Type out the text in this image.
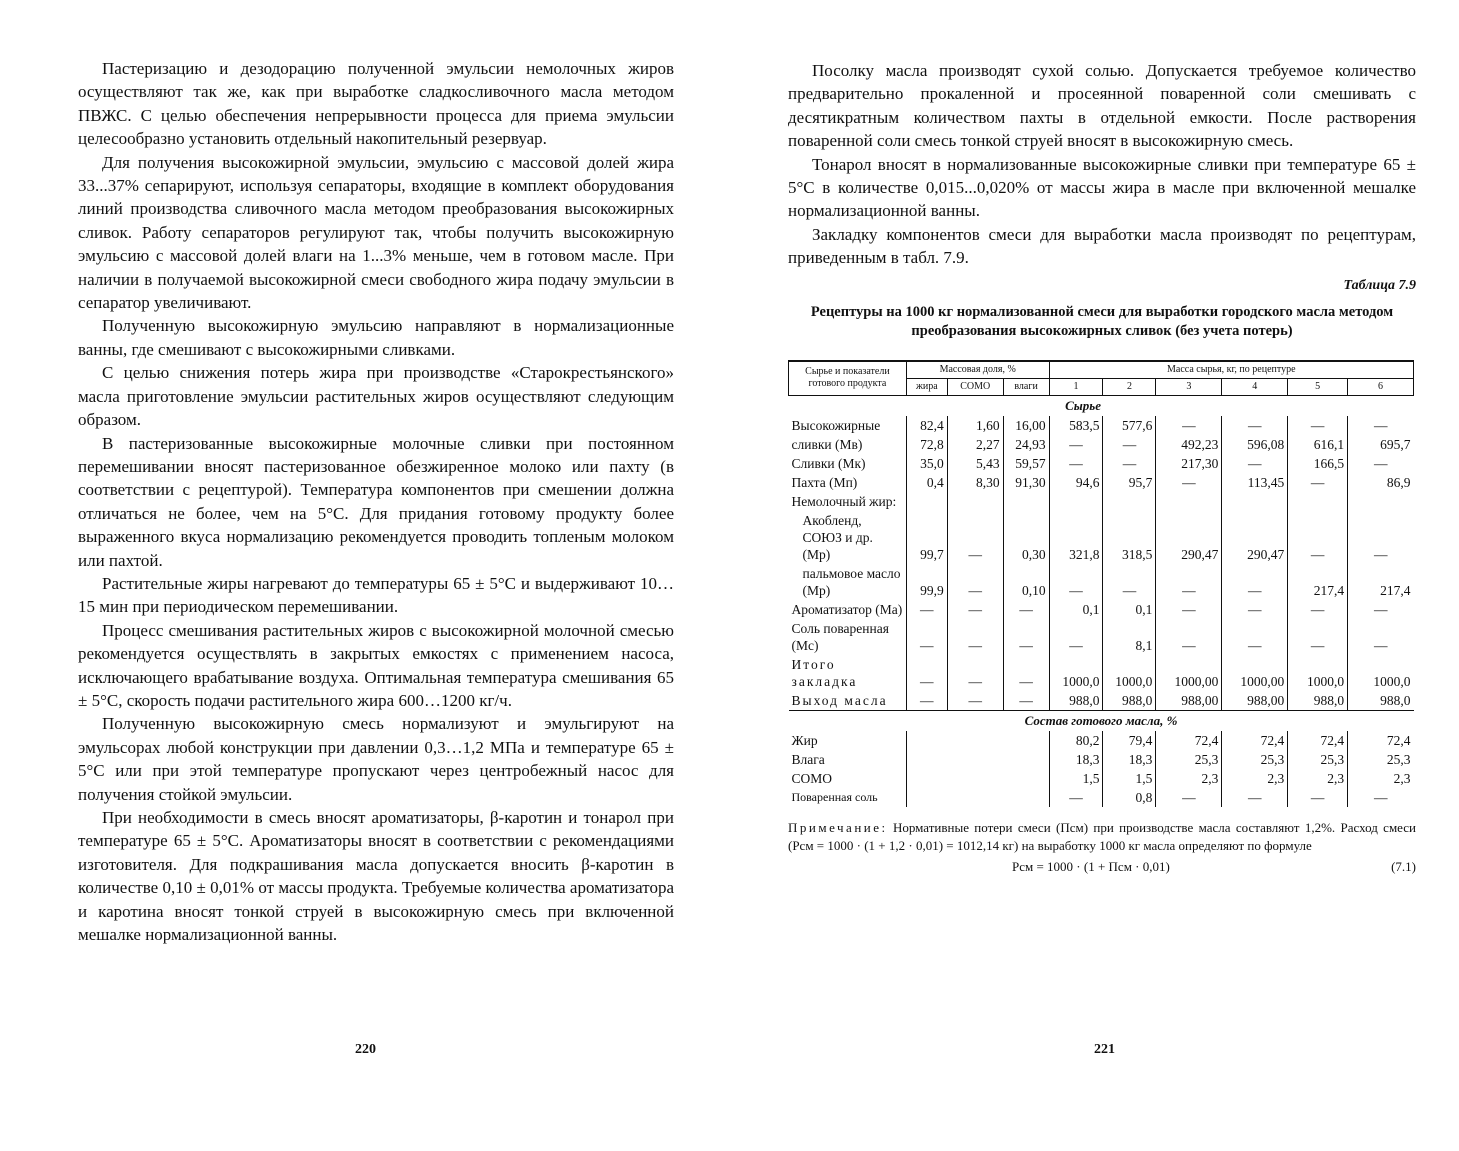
Пастеризацию и дезодорацию полученной эмульсии немолочных жиров осуществляют так же, как при выработке сладкосливочного масла методом ПВЖС. С целью обеспечения непрерывности процесса для приема эмульсии целесообразно установить отдельный накопительный резервуар.

Для получения высокожирной эмульсии, эмульсию с массовой долей жира 33...37% сепарируют, используя сепараторы, входящие в комплект оборудования линий производства сливочного масла методом преобразования высокожирных сливок. Работу сепараторов регулируют так, чтобы получить высокожирную эмульсию с массовой долей влаги на 1...3% меньше, чем в готовом масле. При наличии в получаемой высокожирной смеси свободного жира подачу эмульсии в сепаратор увеличивают.

Полученную высокожирную эмульсию направляют в нормализационные ванны, где смешивают с высокожирными сливками.

С целью снижения потерь жира при производстве «Старокрестьянского» масла приготовление эмульсии растительных жиров осуществляют следующим образом.

В пастеризованные высокожирные молочные сливки при постоянном перемешивании вносят пастеризованное обезжиренное молоко или пахту (в соответствии с рецептурой). Температура компонентов при смешении должна отличаться не более, чем на 5°С. Для придания готовому продукту более выраженного вкуса нормализацию рекомендуется проводить топленым молоком или пахтой.

Растительные жиры нагревают до температуры 65 ± 5°С и выдерживают 10…15 мин при периодическом перемешивании.

Процесс смешивания растительных жиров с высокожирной молочной смесью рекомендуется осуществлять в закрытых емкостях с применением насоса, исключающего врабатывание воздуха. Оптимальная температура смешивания 65 ± 5°С, скорость подачи растительного жира 600…1200 кг/ч.

Полученную высокожирную смесь нормализуют и эмульгируют на эмульсорах любой конструкции при давлении 0,3…1,2 МПа и температуре 65 ± 5°С или при этой температуре пропускают через центробежный насос для получения стойкой эмульсии.

При необходимости в смесь вносят ароматизаторы, β-каротин и тонарол при температуре 65 ± 5°С. Ароматизаторы вносят в соответствии с рекомендациями изготовителя. Для подкрашивания масла допускается вносить β-каротин в количестве 0,10 ± 0,01% от массы продукта. Требуемые количества ароматизатора и каротина вносят тонкой струей в высокожирную смесь при включенной мешалке нормализационной ванны.

220

Посолку масла производят сухой солью. Допускается требуемое количество предварительно прокаленной и просеянной поваренной соли смешивать с десятикратным количеством пахты в отдельной емкости. После растворения поваренной соли смесь тонкой струей вносят в высокожирную смесь.

Тонарол вносят в нормализованные высокожирные сливки при температуре 65 ± 5°С в количестве 0,015...0,020% от массы жира в масле при включенной мешалке нормализационной ванны.

Закладку компонентов смеси для выработки масла производят по рецептурам, приведенным в табл. 7.9.

Таблица 7.9
Рецептуры на 1000 кг нормализованной смеси для выработки городского масла методом преобразования высокожирных сливок (без учета потерь)
Сырье и показатели готового продукта	Массовая доля, %			Масса сырья, кг, по рецептуре					
	жира	СОМО	влаги	1	2	3	4	5	6
				Сырье					
Высокожирные	82,4	1,60	16,00	583,5	577,6	—	—	—	—
сливки (Мв)	72,8	2,27	24,93	—	—	492,23	596,08	616,1	695,7
Сливки (Мк)	35,0	5,43	59,57	—	—	217,30	—	166,5	—
Пахта (Мп)	0,4	8,30	91,30	94,6	95,7	—	113,45	—	86,9
Немолочный жир:									
Акобленд, СОЮЗ и др. (Мр)	99,7	—	0,30	321,8	318,5	290,47	290,47	—	—
пальмовое масло (Мр)	99,9	—	0,10	—	—	—	—	217,4	217,4
Ароматизатор (Ма)	—	—	—	0,1	0,1	—	—	—	—
Соль поваренная (Мс)	—	—	—	—	8,1	—	—	—	—
Итого закладка	—	—	—	1000,0	1000,0	1000,00	1000,00	1000,0	1000,0
Выход масла	—	—	—	988,0	988,0	988,00	988,00	988,0	988,0
Состав готового масла, %									
Жир				80,2	79,4	72,4	72,4	72,4	72,4
Влага				18,3	18,3	25,3	25,3	25,3	25,3
СОМО				1,5	1,5	2,3	2,3	2,3	2,3
Поваренная соль				—	0,8	—	—	—	—
Примечание: Нормативные потери смеси (Псм) при производстве масла составляют 1,2%. Расход смеси (Рсм = 1000 · (1 + 1,2 · 0,01) = 1012,14 кг) на выработку 1000 кг масла определяют по формуле
Рсм = 1000 · (1 + Псм · 0,01)	(7.1)
221
